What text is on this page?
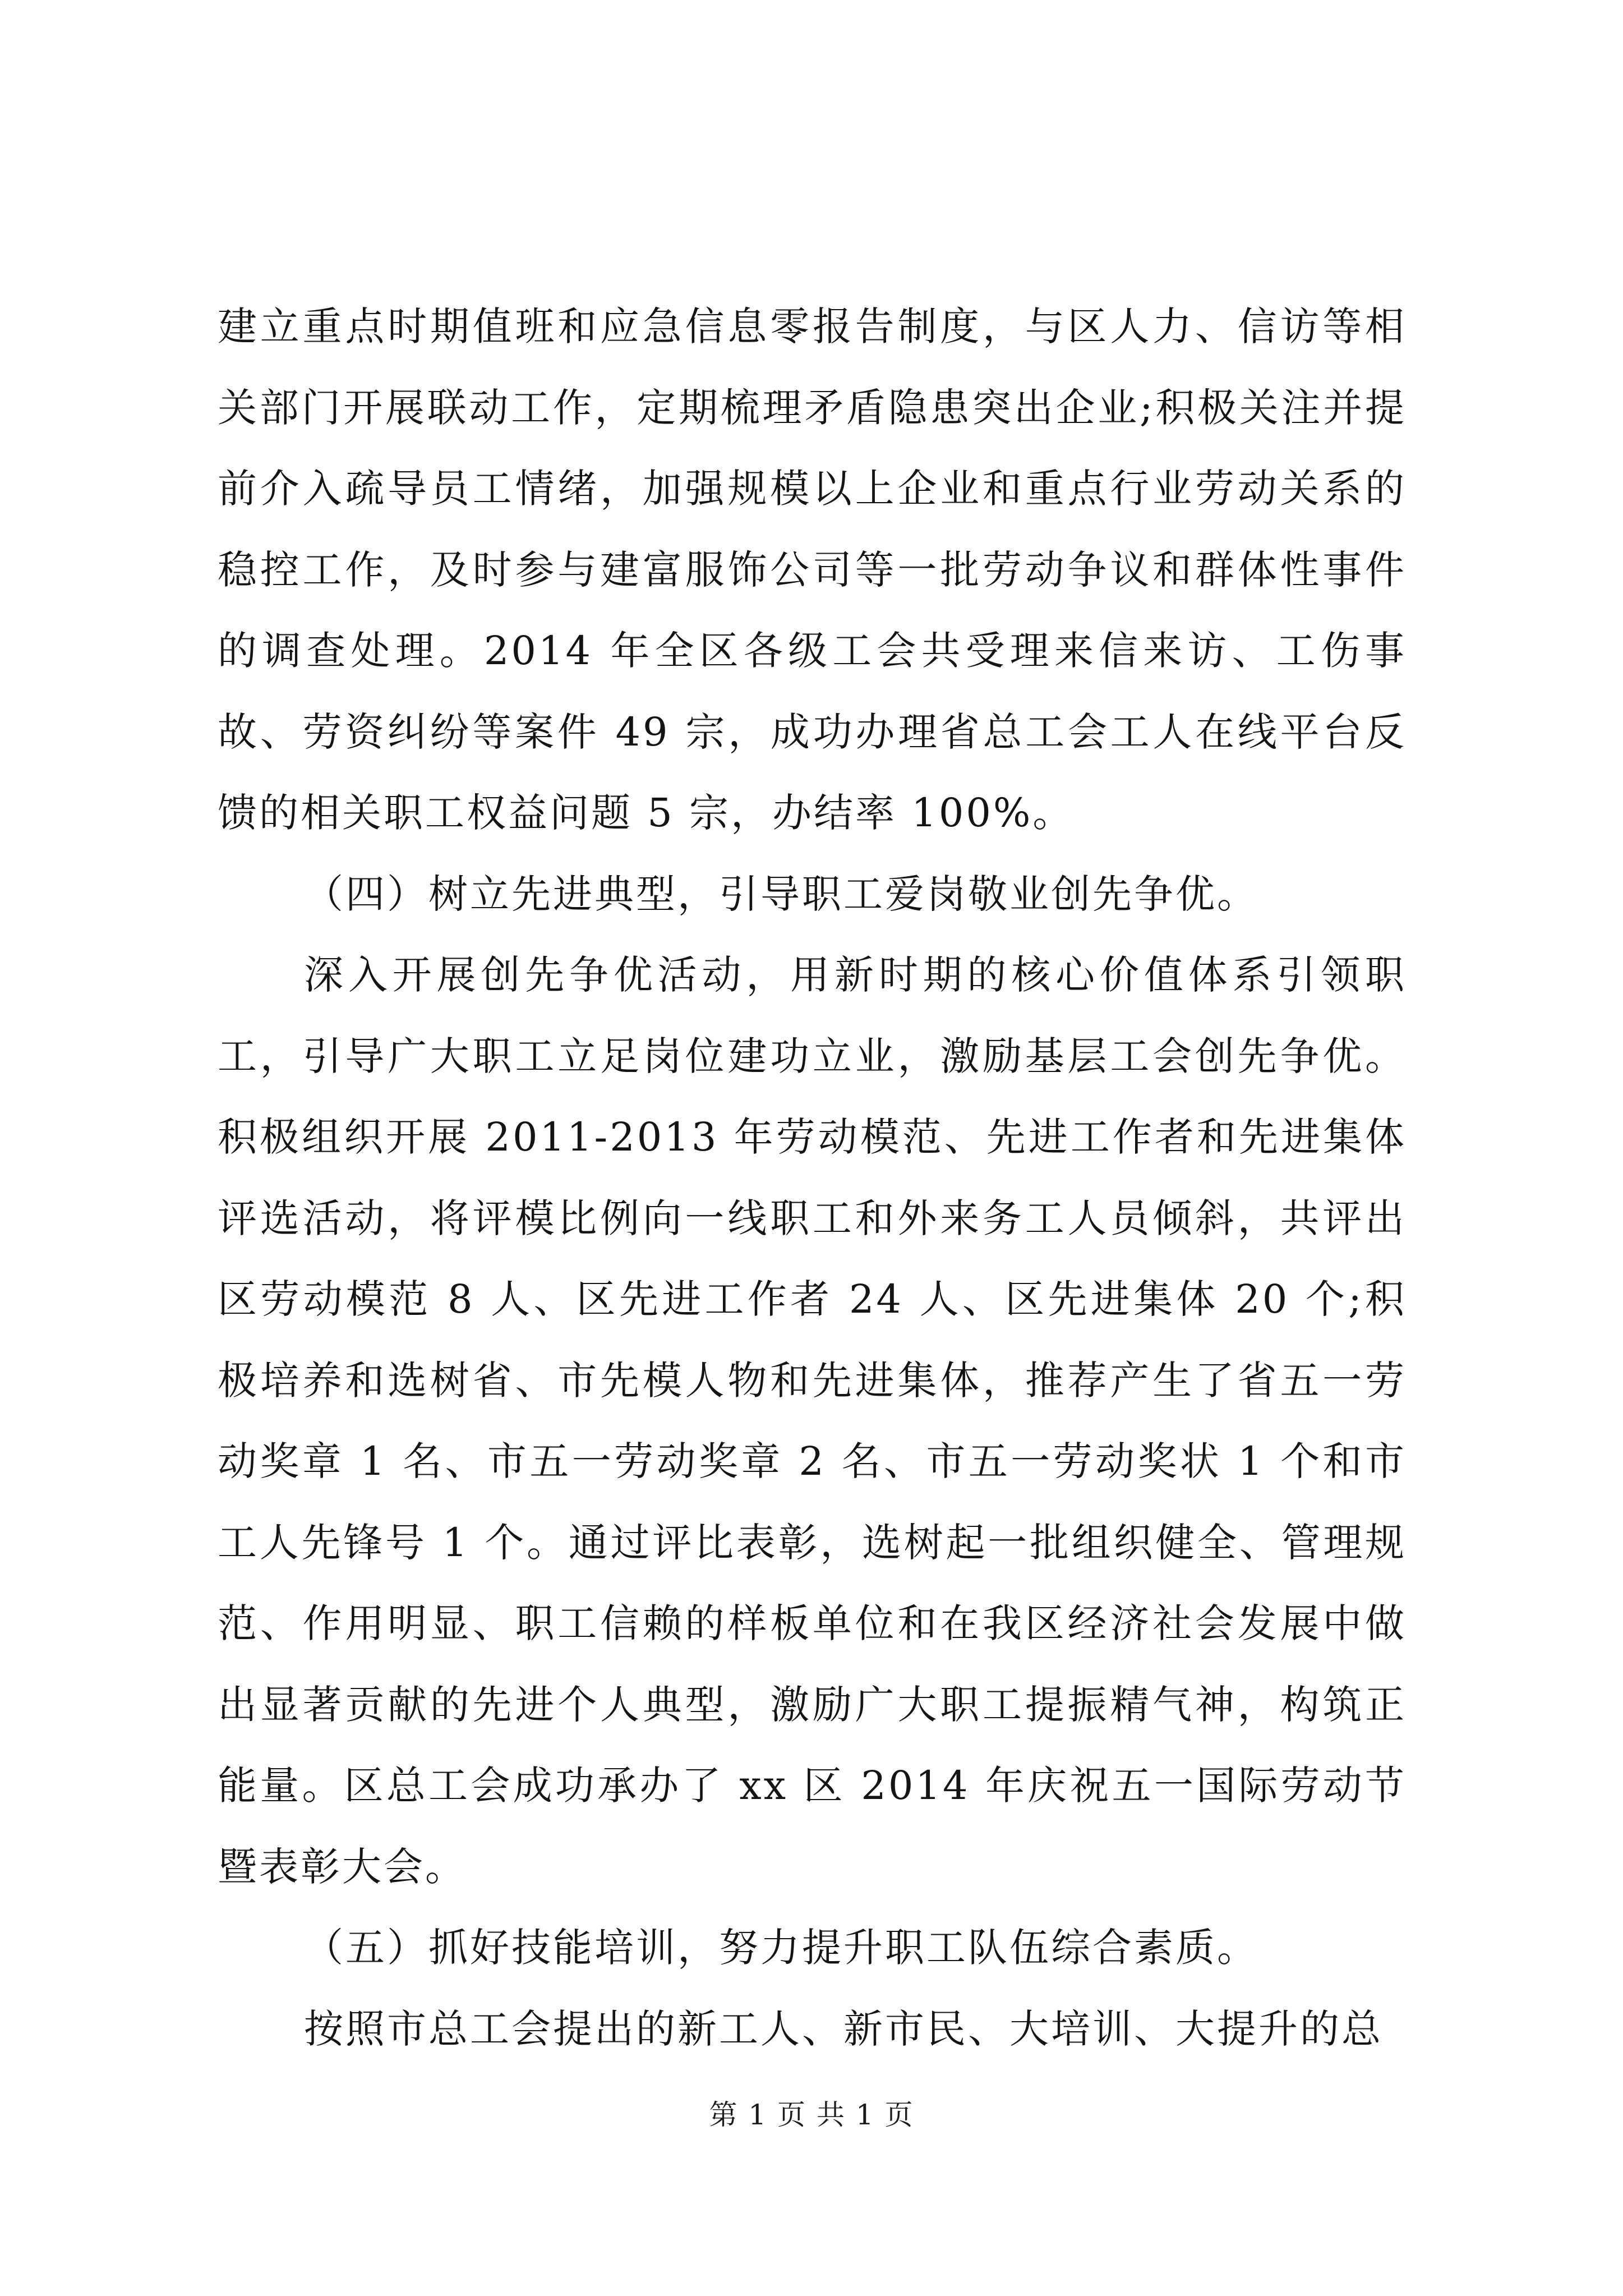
建立重点时期值班和应急信息零报告制度，与区人力、信访等相关部门开展联动工作，定期梳理矛盾隐患突出企业;积极关注并提前介入疏导员工情绪，加强规模以上企业和重点行业劳动关系的稳控工作，及时参与建富服饰公司等一批劳动争议和群体性事件的调查处理。2014 年全区各级工会共受理来信来访、工伤事故、劳资纠纷等案件 49 宗，成功办理省总工会工人在线平台反馈的相关职工权益问题 5 宗，办结率 100%。

（四）树立先进典型，引导职工爱岗敬业创先争优。

深入开展创先争优活动，用新时期的核心价值体系引领职工，引导广大职工立足岗位建功立业，激励基层工会创先争优。积极组织开展 2011-2013 年劳动模范、先进工作者和先进集体评选活动，将评模比例向一线职工和外来务工人员倾斜，共评出区劳动模范 8 人、区先进工作者 24 人、区先进集体 20 个;积极培养和选树省、市先模人物和先进集体，推荐产生了省五一劳动奖章 1 名、市五一劳动奖章 2 名、市五一劳动奖状 1 个和市工人先锋号 1 个。通过评比表彰，选树起一批组织健全、管理规范、作用明显、职工信赖的样板单位和在我区经济社会发展中做出显著贡献的先进个人典型，激励广大职工提振精气神，构筑正能量。区总工会成功承办了 xx 区 2014 年庆祝五一国际劳动节暨表彰大会。

（五）抓好技能培训，努力提升职工队伍综合素质。

按照市总工会提出的新工人、新市民、大培训、大提升的总

第 1 页 共 1 页
